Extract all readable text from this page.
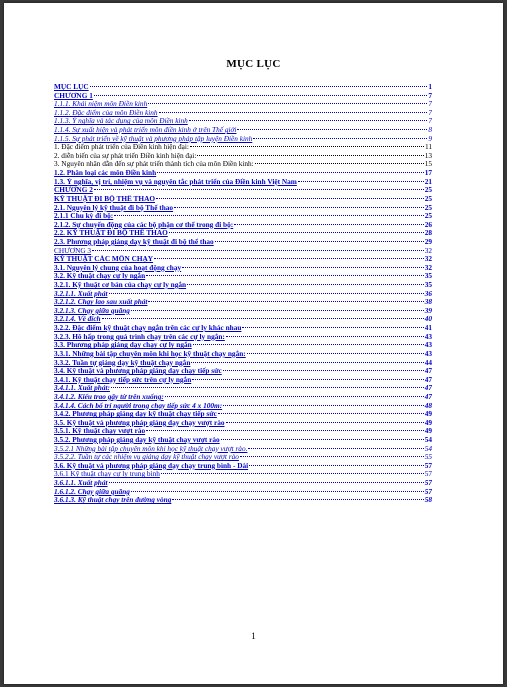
MỤC LỤC
MỤC LỤC	1
CHƯƠNG 1	7
1.1.1. Khái niệm môn Điền kinh	7
1.1.2. Đặc điểm của môn Điền kinh	7
1.1.3. Ý nghĩa và tác dụng của môn Điền kinh	7
1.1.4. Sự xuất hiện và phát triển môn điền kinh ở trên Thế giới	8
1.1.5. Sự phát triển về kỹ thuật và phương pháp tập luyện Điền kinh	9
1. Đặc điểm phát triển của Điền kinh hiện đại:	11
2. diễn biến của sự phát triển Điền kinh hiện đại:	13
3. Nguyên nhân dẫn đến sự phát triển thành tích của môn Điền kinh:	15
1.2. Phân loại các môn Điền kinh	17
1.3. Ý nghĩa, vị trí, nhiệm vụ và nguyên tắc phát triển của Điền kinh Việt Nam	21
CHƯƠNG 2	25
KỸ THUẬT ĐI BỘ THỂ THAO	25
2.1. Nguyên lý kỹ thuật đi bộ Thể thao	25
2.1.1 Chu kỳ đi bộ:	25
2.1.2. Sự chuyển động của các bộ phận cơ thể trong đi bộ:	26
2.2. KỸ THUẬT ĐI BỘ THỂ THAO	28
2.3. Phương pháp giảng dạy kỹ thuật đi bộ thể thao	29
CHƯƠNG 3	32
KỸ THUẬT CÁC MÔN CHẠY	32
3.1. Nguyên lý chung của hoạt động chạy	32
3.2. Kỹ thuật chạy cự ly ngắn	35
3.2.1. Kỹ thuật cơ bản của chạy cự ly ngắn	35
3.2.1.1. Xuất phát	36
3.2.1.2. Chạy lao sau xuất phát	38
3.2.1.3. Chạy giữa quãng	39
3.2.1.4. Về đích	40
3.2.2. Đặc điểm kỹ thuật chạy ngắn trên các cự ly khác nhau	41
3.2.3. Hô hấp trong quá trình chạy trên các cự ly ngắn:	43
3.3. Phương pháp giảng dạy chạy cự ly ngắn	43
3.3.1. Những bài tập chuyên môn khi học kỹ thuật chạy ngắn:	43
3.3.2. Tuần tự giảng dạy kỹ thuật chạy ngắn	44
3.4. Kỹ thuật và phương pháp giảng dạy chạy tiếp sức	47
3.4.1. Kỹ thuật chạy tiếp sức trên cự ly ngắn	47
3.4.1.1. Xuất phát:	47
3.4.1.2. Kiểu trao gậy từ trên xuống:	47
3.4.1.4. Cách bố trí người trong chạy tiếp sức 4 x 100m:	48
3.4.2. Phương pháp giảng dạy kỹ thuật chạy tiếp sức	49
3.5. Kỹ thuật và phương pháp giảng dạy chạy vượt rào	49
3.5.1. Kỹ thuật chạy vượt rào	49
3.5.2. Phương pháp giảng dạy kỹ thuật chạy vượt rào	54
3.5.2.1 Những bài tập chuyên môn khi học kỹ thuật chạy vượt rào.	54
3.5.2.2. Tuần tự các nhiệm vụ giảng dạy kỹ thuật chạy vượt rào	55
3.6. Kỹ thuật và phương pháp giảng dạy chạy trung bình - Dài	57
3.6.1 Kỹ thuật chạy cự ly trung bình	57
3.6.1.1. Xuất phát	57
1.6.1.2. Chạy giữa quãng	57
3.6.1.3. Kỹ thuật chạy trên đường vòng	58
1
